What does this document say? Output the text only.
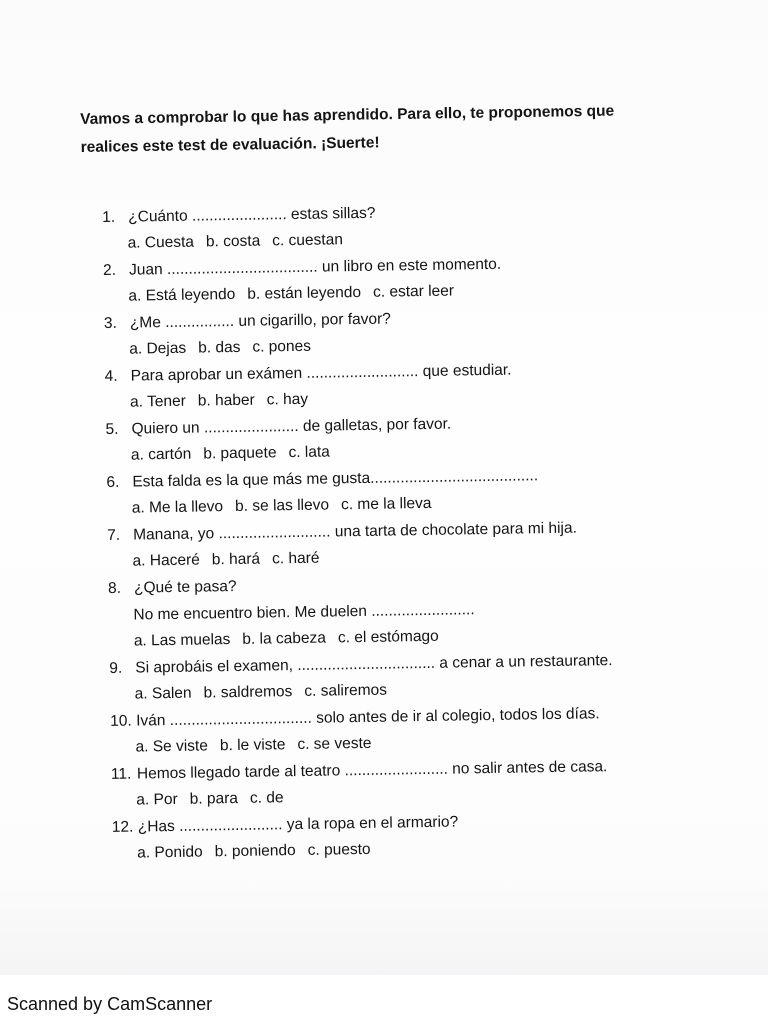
Vamos a comprobar lo que has aprendido. Para ello, te proponemos que
realices este test de evaluación. ¡Suerte!

1. ¿Cuánto ...................... estas sillas?
a. Cuesta b. costa c. cuestan
2. Juan ................................... un libro en este momento.
a. Está leyendo b. están leyendo c. estar leer
3. ¿Me ................ un cigarillo, por favor?
a. Dejas b. das c. pones
4. Para aprobar un exámen .......................... que estudiar.
a. Tener b. haber c. hay
5. Quiero un ...................... de galletas, por favor.
a. cartón b. paquete c. lata
6. Esta falda es la que más me gusta.......................................
a. Me la llevo b. se las llevo c. me la lleva
7. Manana, yo .......................... una tarta de chocolate para mi hija.
a. Haceré b. hará c. haré
8. ¿Qué te pasa?
No me encuentro bien. Me duelen ........................
a. Las muelas b. la cabeza c. el estómago
9. Si aprobáis el examen, ................................ a cenar a un restaurante.
a. Salen b. saldremos c. saliremos
10. Iván ................................. solo antes de ir al colegio, todos los días.
a. Se viste b. le viste c. se veste
11. Hemos llegado tarde al teatro ........................ no salir antes de casa.
a. Por b. para c. de
12. ¿Has ........................ ya la ropa en el armario?
a. Ponido b. poniendo c. puesto
Scanned by CamScanner
